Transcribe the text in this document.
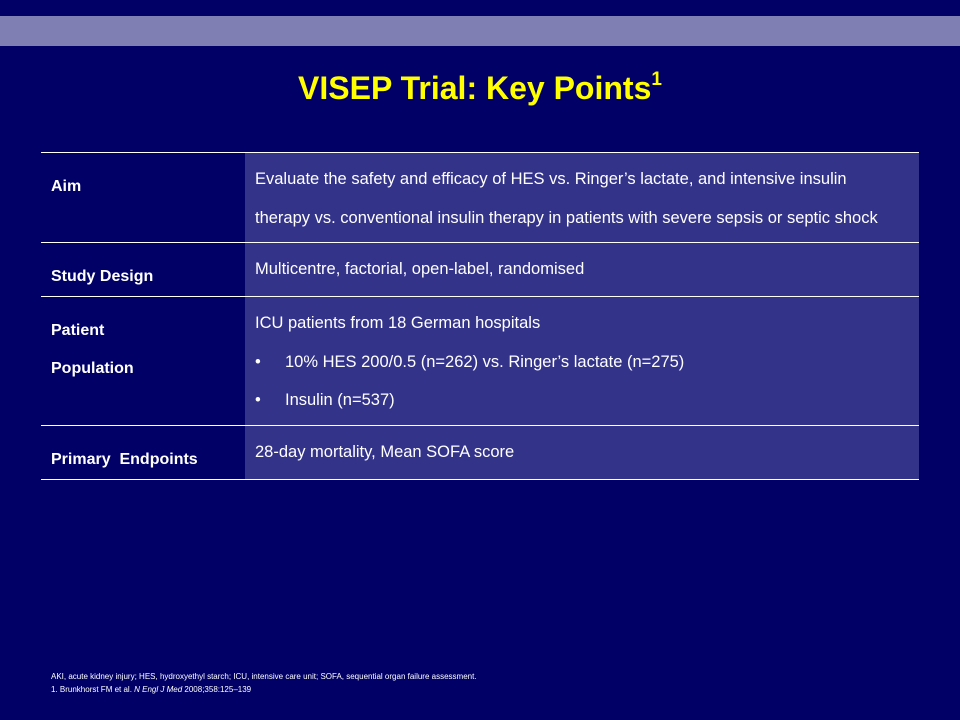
VISEP Trial: Key Points$^1$
Aim	Evaluate the safety and efficacy of HES vs. Ringer’s lactate, and intensive insulin therapy vs. conventional insulin therapy in patients with severe sepsis or septic shock

Study Design	Multicentre, factorial, open-label, randomised

Patient
Population	ICU patients from 18 German hospitals
• 10% HES 200/0.5 (n=262) vs. Ringer’s lactate (n=275)
• Insulin (n=537)

Primary  Endpoints	28-day mortality, Mean SOFA score
AKI, acute kidney injury; HES, hydroxyethyl starch; ICU, intensive care unit; SOFA, sequential organ failure assessment.
1. Brunkhorst FM et al. N Engl J Med 2008;358:125–139
